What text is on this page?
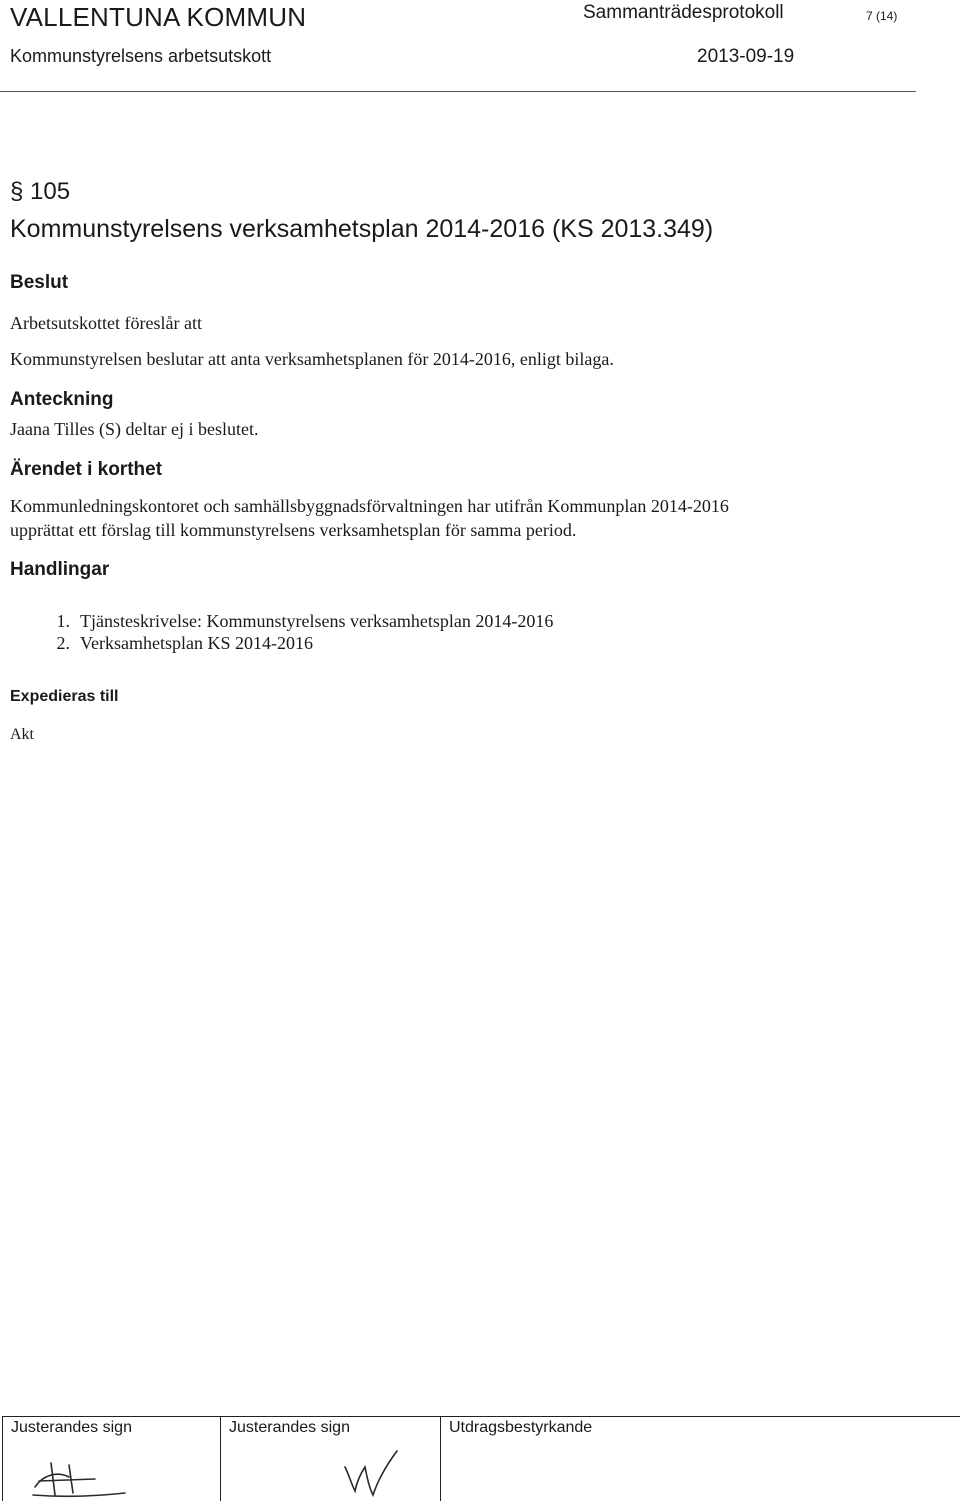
VALLENTUNA KOMMUN	Sammanträdesprotokoll	7 (14)
Kommunstyrelsens arbetsutskott	2013-09-19
§ 105
Kommunstyrelsens verksamhetsplan 2014-2016 (KS 2013.349)
Beslut
Arbetsutskottet föreslår att
Kommunstyrelsen beslutar att anta verksamhetsplanen för 2014-2016, enligt bilaga.
Anteckning
Jaana Tilles (S) deltar ej i beslutet.
Ärendet i korthet
Kommunledningskontoret och samhällsbyggnadsförvaltningen har utifrån Kommunplan 2014-2016
upprättat ett förslag till kommunstyrelsens verksamhetsplan för samma period.
Handlingar
1. Tjänsteskrivelse: Kommunstyrelsens verksamhetsplan 2014-2016
2. Verksamhetsplan KS 2014-2016
Expedieras till
Akt
Justerandes sign	Justerandes sign	Utdragsbestyrkande
